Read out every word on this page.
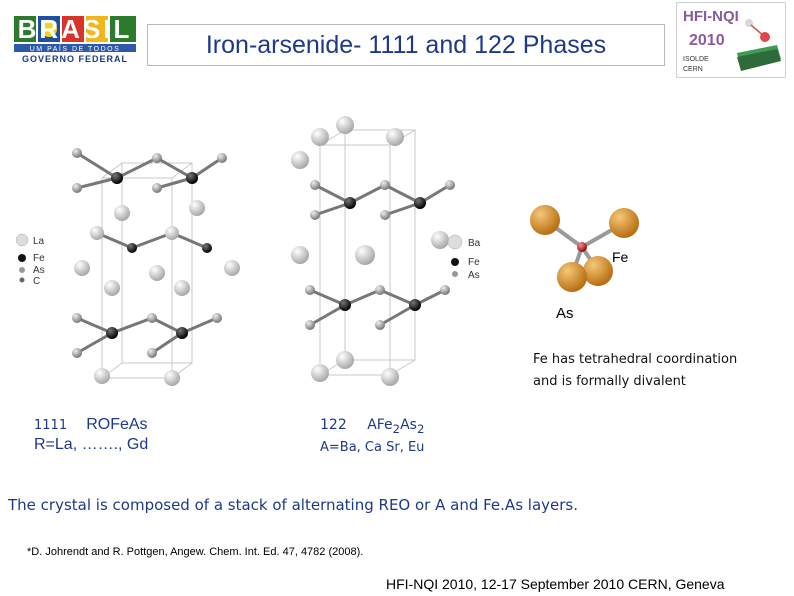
BRASIL
UM PAÍS DE TODOS
GOVERNO FEDERAL
Iron-arsenide- 1111 and 122 Phases
HFI-NQI
2010
ISOLDE
CERN
La
Fe
As
C
Ba
Fe
As
Fe
As
Fe has tetrahedral coordination
and is formally divalent
1111 ROFeAs
R=La, ……., Gd
122 $AFe_2As_2$
A=Ba, Ca Sr, Eu
The crystal is composed of a stack of alternating REO or A and Fe.As layers.
*D. Johrendt and R. Pottgen, Angew. Chem. Int. Ed. 47, 4782 (2008).
HFI-NQI 2010, 12-17 September 2010 CERN, Geneva
